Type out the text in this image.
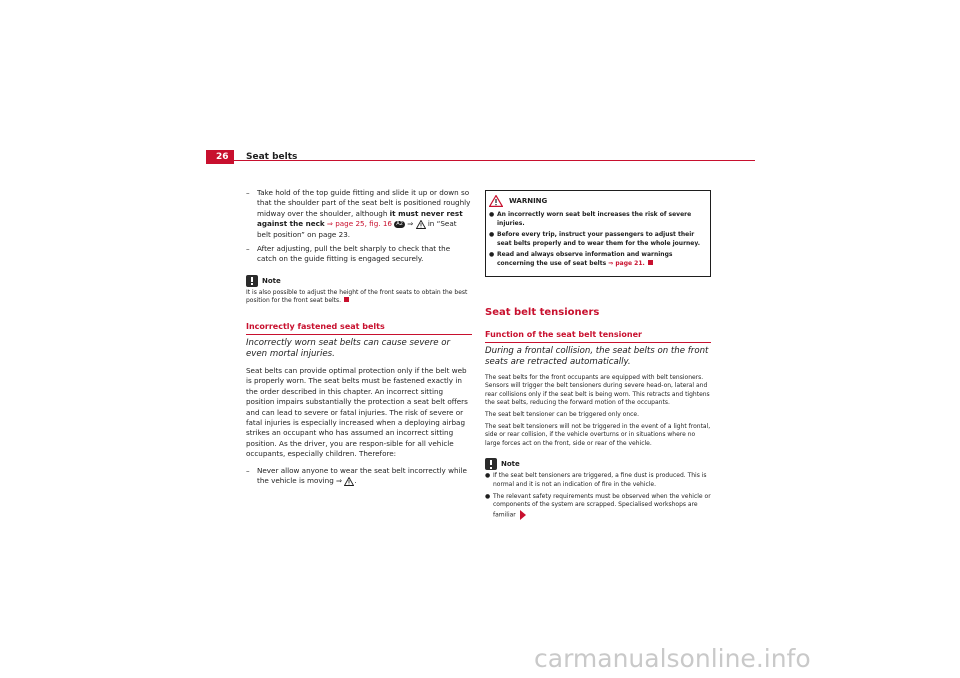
26	Seat belts
– Take hold of the top guide fitting and slide it up or down so that the shoulder part of the seat belt is positioned roughly midway over the shoulder, although it must never rest against the neck ⇒ page 25, fig. 16 A2 ⇒  in “Seat belt position” on page 23.
– After adjusting, pull the belt sharply to check that the catch on the guide fitting is engaged securely.
Note

It is also possible to adjust the height of the front seats to obtain the best position for the front seat belts.

Incorrectly fastened seat belts
Incorrectly worn seat belts can cause severe or even mortal injuries.

Seat belts can provide optimal protection only if the belt web is properly worn. The seat belts must be fastened exactly in the order described in this chapter. An incorrect sitting position impairs substantially the protection a seat belt offers and can lead to severe or fatal injuries. The risk of severe or fatal injuries is especially increased when a deploying airbag strikes an occupant who has assumed an incorrect sitting position. As the driver, you are respon-sible for all vehicle occupants, especially children. Therefore:

– Never allow anyone to wear the seat belt incorrectly while the vehicle is moving ⇒ .
WARNING
● An incorrectly worn seat belt increases the risk of severe injuries.
● Before every trip, instruct your passengers to adjust their seat belts properly and to wear them for the whole journey.
● Read and always observe information and warnings concerning the use of seat belts ⇒ page 21.
Seat belt tensioners
Function of the seat belt tensioner
During a frontal collision, the seat belts on the front seats are retracted automatically.

The seat belts for the front occupants are equipped with belt tensioners. Sensors will trigger the belt tensioners during severe head-on, lateral and rear collisions only if the seat belt is being worn. This retracts and tightens the seat belts, reducing the forward motion of the occupants.

The seat belt tensioner can be triggered only once.

The seat belt tensioners will not be triggered in the event of a light frontal, side or rear collision, if the vehicle overturns or in situations where no large forces act on the front, side or rear of the vehicle.

Note
● If the seat belt tensioners are triggered, a fine dust is produced. This is normal and it is not an indication of fire in the vehicle.
● The relevant safety requirements must be observed when the vehicle or components of the system are scrapped. Specialised workshops are familiar
carmanualsonline.info
